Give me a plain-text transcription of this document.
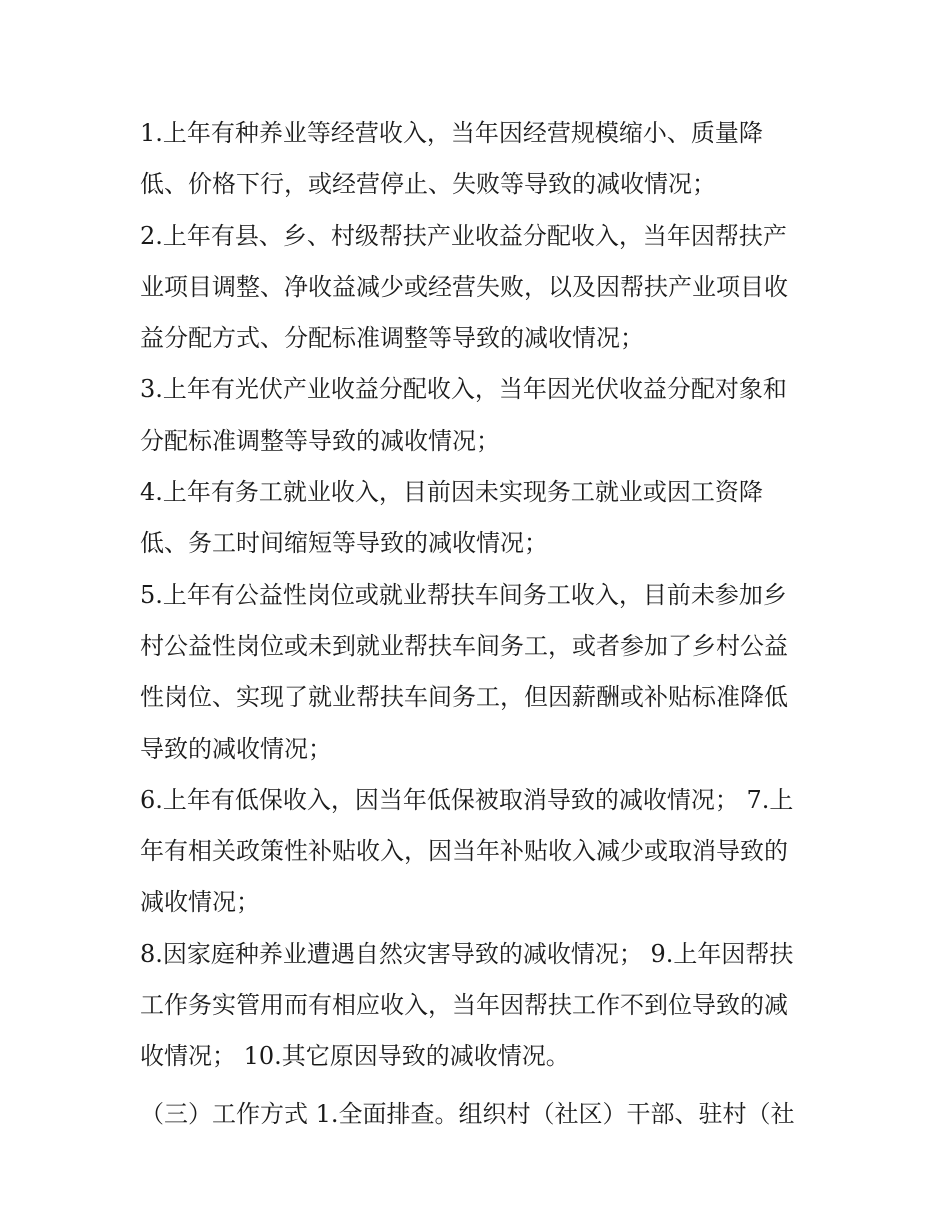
1.上年有种养业等经营收入，当年因经营规模缩小、质量降
低、价格下行，或经营停止、失败等导致的减收情况；
2.上年有县、乡、村级帮扶产业收益分配收入，当年因帮扶产
业项目调整、净收益减少或经营失败，以及因帮扶产业项目收
益分配方式、分配标准调整等导致的减收情况；
3.上年有光伏产业收益分配收入，当年因光伏收益分配对象和
分配标准调整等导致的减收情况；
4.上年有务工就业收入，目前因未实现务工就业或因工资降
低、务工时间缩短等导致的减收情况；
5.上年有公益性岗位或就业帮扶车间务工收入，目前未参加乡
村公益性岗位或未到就业帮扶车间务工，或者参加了乡村公益
性岗位、实现了就业帮扶车间务工，但因薪酬或补贴标准降低
导致的减收情况；
6.上年有低保收入，因当年低保被取消导致的减收情况； 7.上
年有相关政策性补贴收入，因当年补贴收入减少或取消导致的
减收情况；
8.因家庭种养业遭遇自然灾害导致的减收情况； 9.上年因帮扶
工作务实管用而有相应收入，当年因帮扶工作不到位导致的减
收情况； 10.其它原因导致的减收情况。
（三）工作方式 1.全面排查。组织村（社区）干部、驻村（社
